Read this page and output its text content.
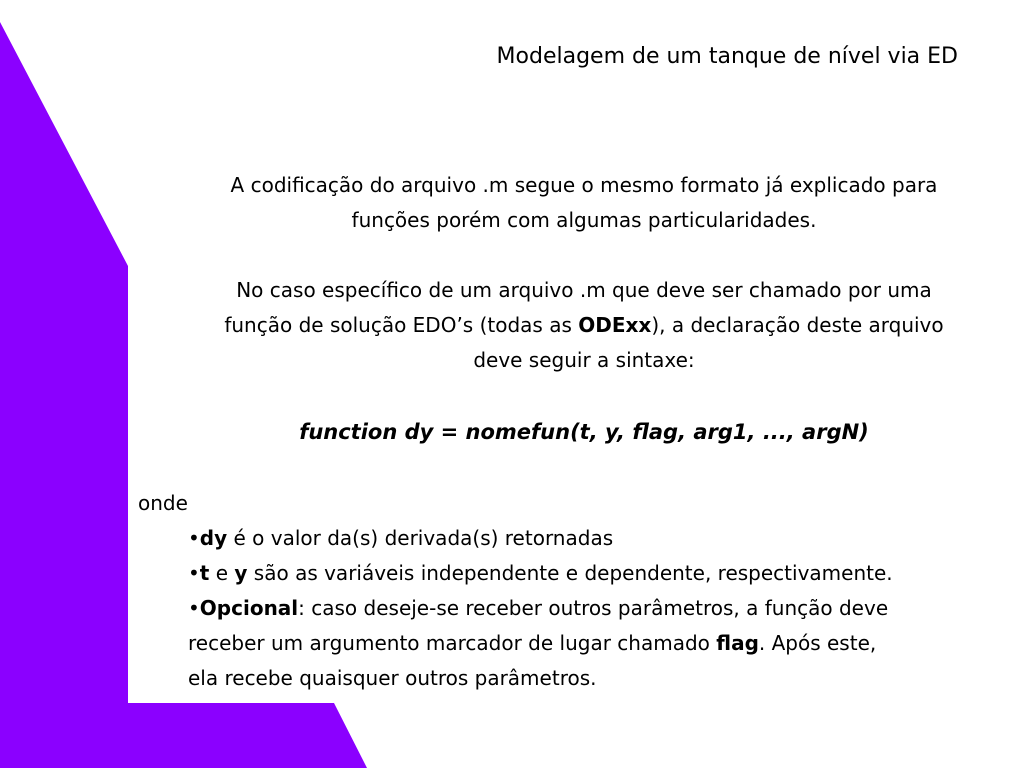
Modelagem de um tanque de nível via ED
A codificação do arquivo .m segue o mesmo formato já explicado para
funções porém com algumas particularidades.
No caso específico de um arquivo .m que deve ser chamado por uma
função de solução EDO’s (todas as ODExx), a declaração deste arquivo
deve seguir a sintaxe:
function dy = nomefun(t, y, flag, arg1, ..., argN)
onde
•dy é o valor da(s) derivada(s) retornadas
•t e y são as variáveis independente e dependente, respectivamente.
•Opcional: caso deseje-se receber outros parâmetros, a função deve
receber um argumento marcador de lugar chamado flag. Após este,
ela recebe quaisquer outros parâmetros.
